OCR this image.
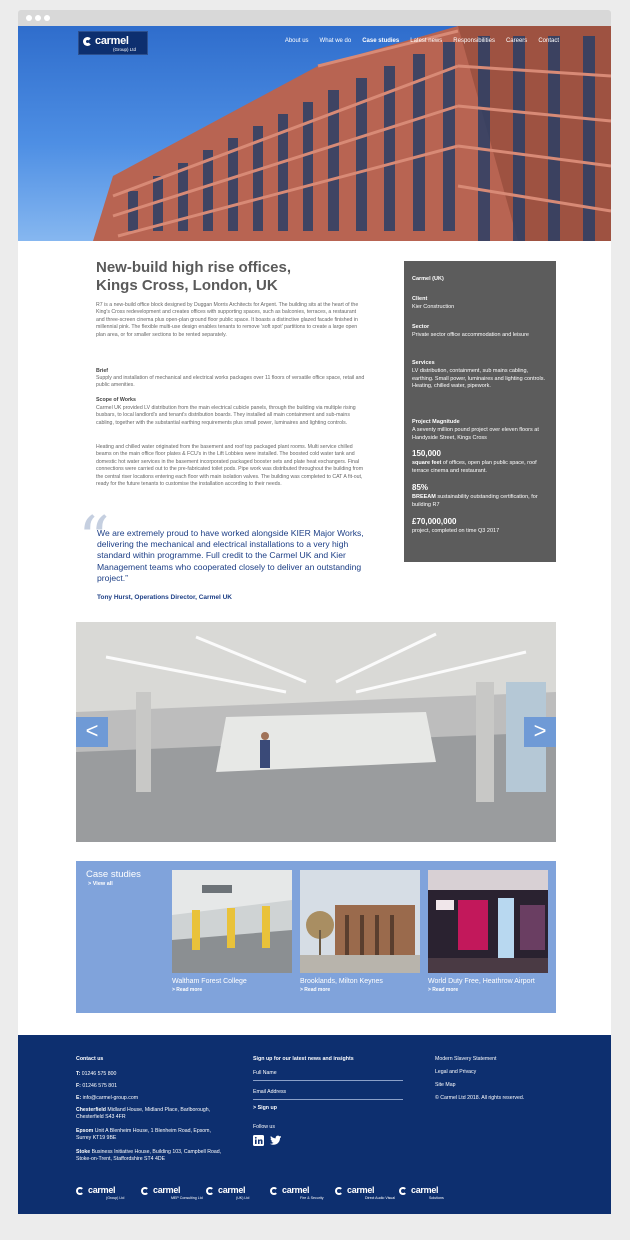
carmel
(Group) Ltd
About us What we do Case studies Latest news Responsibilities Careers Contact
New-build high rise offices, Kings Cross, London, UK

R7 is a new-build office block designed by Duggan Morris Architects for Argent. The building sits at the heart of the King's Cross redevelopment and creates offices with supporting spaces, such as balconies, terraces, a restaurant and three-screen cinema plus open-plan ground floor public space. It boasts a distinctive glazed facade finished in millennial pink. The flexible multi-use design enables tenants to remove 'soft spot' partitions to create a large open plan area, or for smaller sections to be rented separately.

Brief

Supply and installation of mechanical and electrical works packages over 11 floors of versatile office space, retail and public amenities.

Scope of Works

Carmel UK provided LV distribution from the main electrical cubicle panels, through the building via multiple rising busbars, to local landlord's and tenant's distribution boards. They installed all main containment and sub-mains cabling, together with the substantial earthing requirements plus small power, luminaires and lighting controls.

Heating and chilled water originated from the basement and roof top packaged plant rooms. Multi service chilled beams on the main office floor plates & FCU's in the Lift Lobbies were installed. The boosted cold water tank and domestic hot water services in the basement incorporated packaged booster sets and plate heat exchangers. Final connections were carried out to the pre-fabricated toilet pods. Pipe work was distributed throughout the building from the central riser locations entering each floor with main isolation valves. The building was completed to CAT A fit-out, ready for the future tenants to customise the installation according to their needs.

“

We are extremely proud to have worked alongside KIER Major Works, delivering the mechanical and electrical installations to a very high standard within programme. Full credit to the Carmel UK and Kier Management teams who cooperated closely to deliver an outstanding project.”

Tony Hurst, Operations Director, Carmel UK
Carmel (UK)
Client
Kier Construction
Sector
Private sector office accommodation and leisure
Services
LV distribution, containment, sub mains cabling, earthing. Small power, luminaires and lighting controls. Heating, chilled water, pipework.
Project Magnitude
A seventy million pound project over eleven floors at Handyside Street, Kings Cross
150,000
square feet of offices, open plan public space, roof terrace cinema and restaurant.
85%
BREEAM sustainability outstanding certification, for building R7
£70,000,000
project, completed on time Q3 2017
<	>
Case studies
> View all
Waltham Forest College
> Read more
Brooklands, Milton Keynes
> Read more
World Duty Free, Heathrow Airport
> Read more
Contact us
T: 01246 575 800
F: 01246 575 801
E: info@carmel-group.com
Chesterfield Midland House, Midland Place, Barlborough, Chesterfield S43 4FR
Epsom Unit A Blenheim House, 1 Blenheim Road, Epsom, Surrey KT19 9BE
Stoke Business Initiative House, Building 103, Campbell Road, Stoke-on-Trent, Staffordshire ST4 4DE
Sign up for our latest news and insights
Full Name
Email Address
> Sign up
Follow us
Modern Slavery Statement
Legal and Privacy
Site Map
© Carmel Ltd 2018. All rights reserved.
carmel
(Group) Ltd
carmel
MEP Consulting Ltd
carmel
(UK) Ltd
carmel
Fire & Security
carmel
Direct Audio Visual
carmel
Solutions
